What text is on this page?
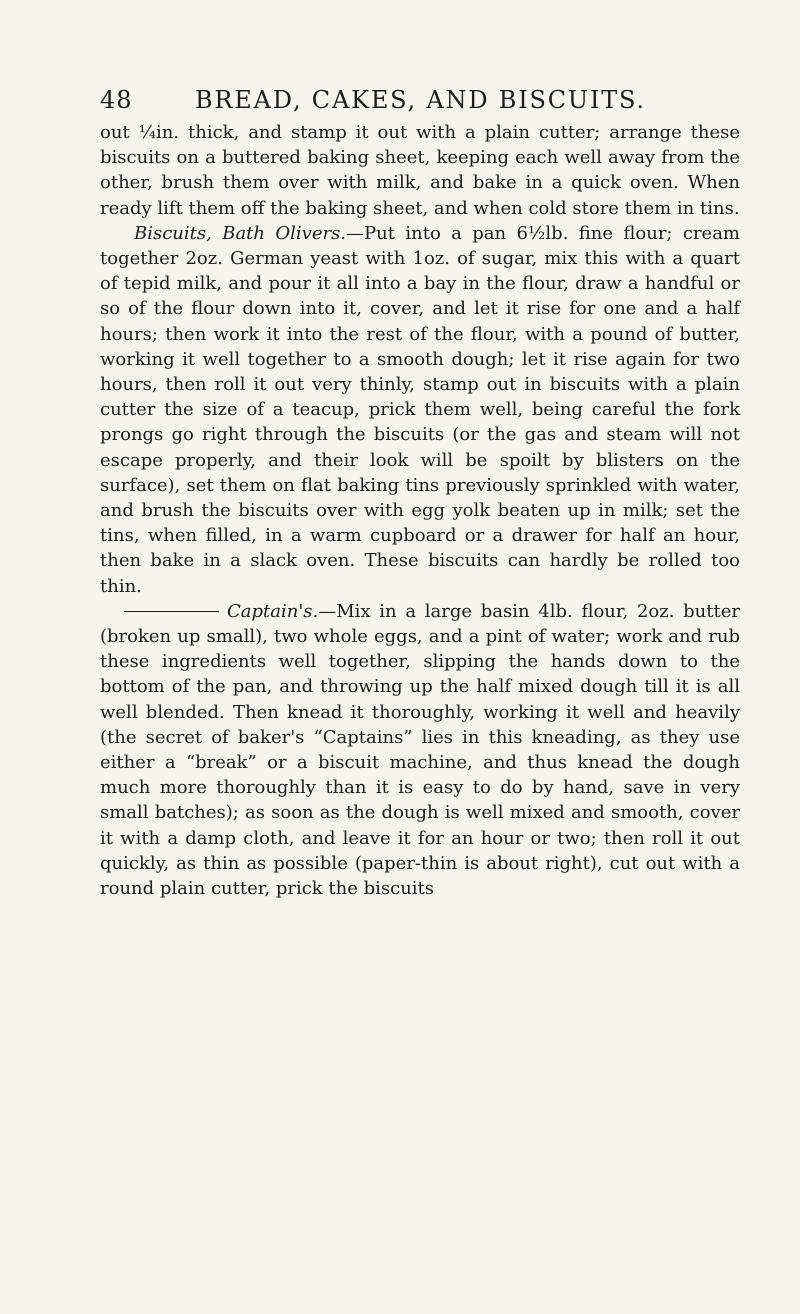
48	BREAD, CAKES, AND BISCUITS.

out ¼in. thick, and stamp it out with a plain cutter; arrange these biscuits on a buttered baking sheet, keeping each well away from the other, brush them over with milk, and bake in a quick oven. When ready lift them off the baking sheet, and when cold store them in tins.

Biscuits, Bath Olivers.—Put into a pan 6½lb. fine flour; cream together 2oz. German yeast with 1oz. of sugar, mix this with a quart of tepid milk, and pour it all into a bay in the flour, draw a handful or so of the flour down into it, cover, and let it rise for one and a half hours; then work it into the rest of the flour, with a pound of butter, working it well together to a smooth dough; let it rise again for two hours, then roll it out very thinly, stamp out in biscuits with a plain cutter the size of a teacup, prick them well, being careful the fork prongs go right through the biscuits (or the gas and steam will not escape properly, and their look will be spoilt by blisters on the surface), set them on flat baking tins previously sprinkled with water, and brush the biscuits over with egg yolk beaten up in milk; set the tins, when filled, in a warm cupboard or a drawer for half an hour, then bake in a slack oven. These biscuits can hardly be rolled too thin.

Captain's.—Mix in a large basin 4lb. flour, 2oz. butter (broken up small), two whole eggs, and a pint of water; work and rub these ingredients well together, slipping the hands down to the bottom of the pan, and throwing up the half mixed dough till it is all well blended. Then knead it thoroughly, working it well and heavily (the secret of baker's “Captains” lies in this kneading, as they use either a “break” or a biscuit machine, and thus knead the dough much more thoroughly than it is easy to do by hand, save in very small batches); as soon as the dough is well mixed and smooth, cover it with a damp cloth, and leave it for an hour or two; then roll it out quickly, as thin as possible (paper-thin is about right), cut out with a round plain cutter, prick the biscuits
